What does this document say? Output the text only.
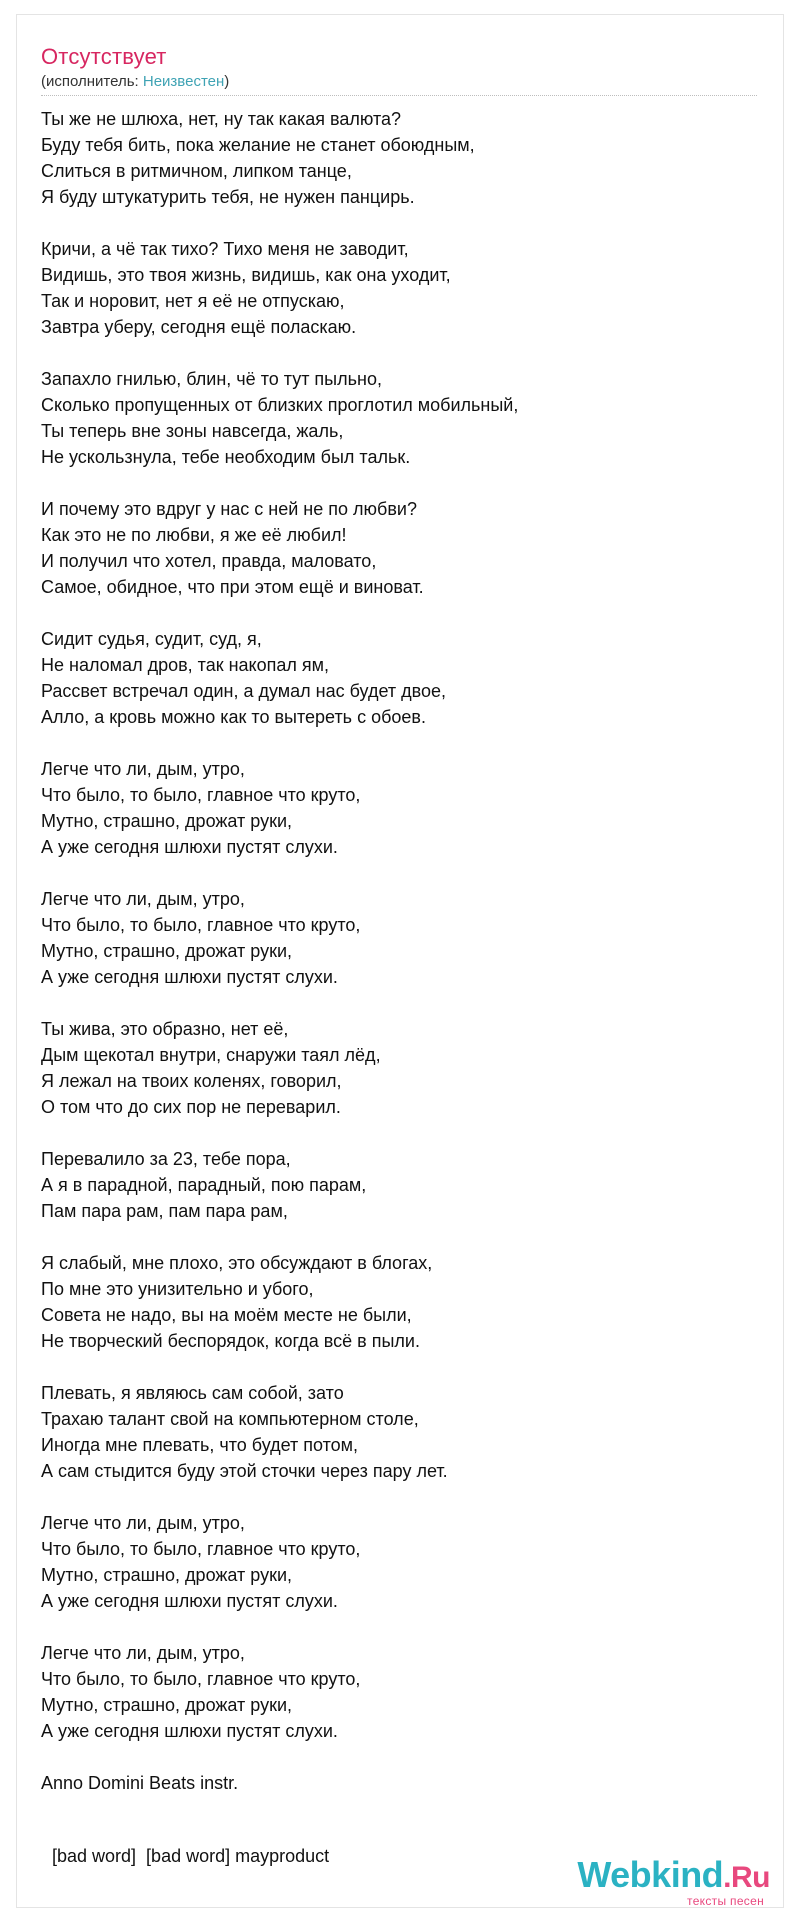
Отсутствует
(исполнитель: Неизвестен)
Ты же не шлюха, нет, ну так какая валюта?
Буду тебя бить, пока желание не станет обоюдным,
Слиться в ритмичном, липком танце,
Я буду штукатурить тебя, не нужен панцирь.
Кричи, а чё так тихо? Тихо меня не заводит,
Видишь, это твоя жизнь, видишь, как она уходит,
Так и норовит, нет я её не отпускаю,
Завтра уберу, сегодня ещё поласкаю.
Запахло гнилью, блин, чё то тут пыльно,
Сколько пропущенных от близких проглотил мобильный,
Ты теперь вне зоны навсегда, жаль,
Не ускользнула, тебе необходим был тальк.
И почему это вдруг у нас с ней не по любви?
Как это не по любви, я же её любил!
И получил что хотел, правда, маловато,
Самое, обидное, что при этом ещё и виноват.
Сидит судья, судит, суд, я,
Не наломал дров, так накопал ям,
Рассвет встречал один, а думал нас будет двое,
Алло, а кровь можно как то вытереть с обоев.
Легче что ли, дым, утро,
Что было, то было, главное что круто,
Мутно, страшно, дрожат руки,
А уже сегодня шлюхи пустят слухи.
Легче что ли, дым, утро,
Что было, то было, главное что круто,
Мутно, страшно, дрожат руки,
А уже сегодня шлюхи пустят слухи.
Ты жива, это образно, нет её,
Дым щекотал внутри, снаружи таял лёд,
Я лежал на твоих коленях, говорил,
О том что до сих пор не переварил.
Перевалило за 23, тебе пора,
А я в парадной, парадный, пою парам,
Пам пара рам, пам пара рам,
Я слабый, мне плохо, это обсуждают в блогах,
По мне это унизительно и убого,
Совета не надо, вы на моём месте не были,
Не творческий беспорядок, когда всё в пыли.
Плевать, я являюсь сам собой, зато
Трахаю талант свой на компьютерном столе,
Иногда мне плевать, что будет потом,
А сам стыдится буду этой сточки через пару лет.
Легче что ли, дым, утро,
Что было, то было, главное что круто,
Мутно, страшно, дрожат руки,
А уже сегодня шлюхи пустят слухи.
Легче что ли, дым, утро,
Что было, то было, главное что круто,
Мутно, страшно, дрожат руки,
А уже сегодня шлюхи пустят слухи.
Anno Domini Beats instr.
[bad word]  [bad word] mayproduct	Webkind.Ru
тексты песен
